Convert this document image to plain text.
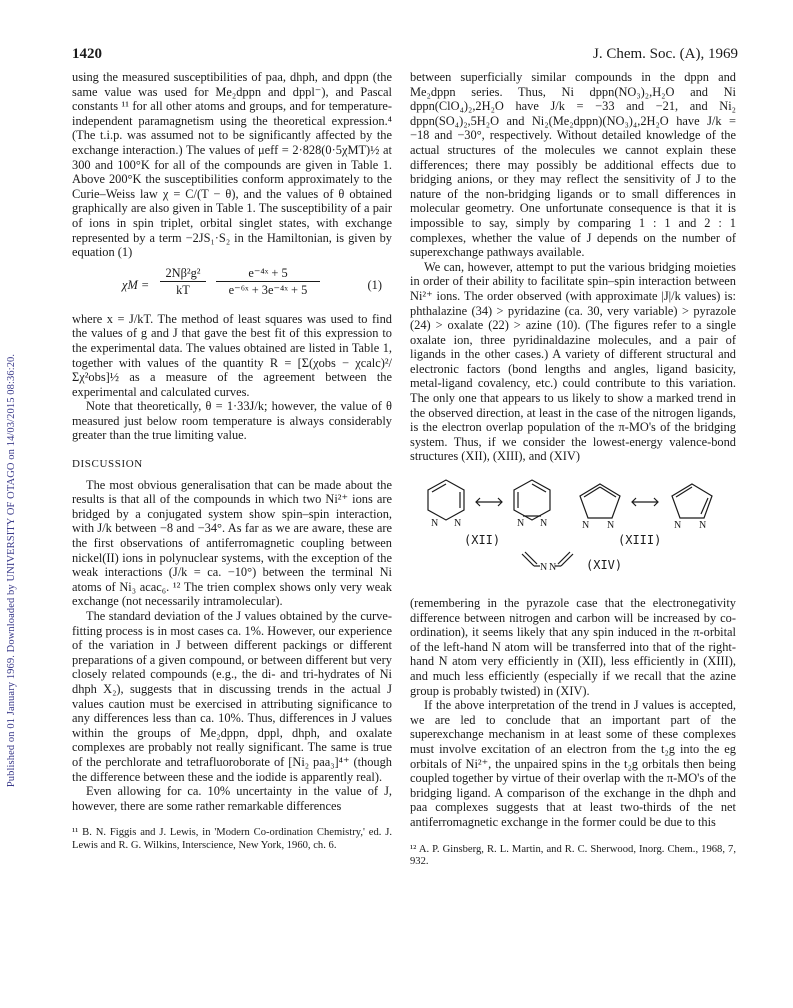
Published on 01 January 1969. Downloaded by UNIVERSITY OF OTAGO on 14/03/2015 08:36:20.
1420	J. Chem. Soc. (A), 1969

using the measured susceptibilities of paa, dhph, and dppn (the same value was used for Me₂dppn and dppl⁻), and Pascal constants ¹¹ for all other atoms and groups, and for temperature-independent paramagnetism using the theoretical expression.⁴ (The t.i.p. was assumed not to be significantly affected by the exchange interaction.) The values of μeff = 2·828(0·5χMT)½ at 300 and 100°K for all of the compounds are given in Table 1. Above 200°K the susceptibilities conform approximately to the Curie–Weiss law χ = C/(T − θ), and the values of θ obtained graphically are also given in Table 1. The susceptibility of a pair of ions in spin triplet, orbital singlet states, with exchange represented by a term −2JS₁·S₂ in the Hamiltonian, is given by equation (1)

$\chi M = \frac{\text{2Nβ²g²}}{kT} \frac{\text{e⁻⁴ˣ + 5}}{\text{e⁻⁶ˣ + 3e⁻⁴ˣ + 5}}$	(1)

where x = J/kT. The method of least squares was used to find the values of g and J that gave the best fit of this expression to the experimental data. The values obtained are listed in Table 1, together with values of the quantity R = [Σ(χobs − χcalc)²/Σχ²obs]½ as a measure of the agreement between the experimental and calculated curves.

Note that theoretically, θ = 1·33J/k; however, the value of θ measured just below room temperature is always considerably greater than the true limiting value.

DISCUSSION

The most obvious generalisation that can be made about the results is that all of the compounds in which two Ni²⁺ ions are bridged by a conjugated system show spin–spin interaction, with J/k between −8 and −34°. As far as we are aware, these are the first observations of antiferromagnetic coupling between nickel(II) ions in polynuclear systems, with the exception of the weak interactions (J/k = ca. −10°) between the terminal Ni atoms of Ni₃ acac₆. ¹² The trien complex shows only very weak exchange (not necessarily intramolecular).

The standard deviation of the J values obtained by the curve-fitting process is in most cases ca. 1%. However, our experience of the variation in J between different packings or different preparations of a given compound, or between different but very closely related compounds (e.g., the di- and tri-hydrates of Ni dhph X₂), suggests that in discussing trends in the actual J values caution must be exercised in attributing significance to any differences less than ca. 10%. Thus, differences in J values within the groups of Me₂dppn, dppl, dhph, and oxalate complexes are probably not really significant. The same is true of the perchlorate and tetrafluoroborate of [Ni₂ paa₃]⁴⁺ (though the difference between these and the iodide is apparently real).

Even allowing for ca. 10% uncertainty in the value of J, however, there are some rather remarkable differences

¹¹ B. N. Figgis and J. Lewis, in 'Modern Co-ordination Chemistry,' ed. J. Lewis and R. G. Wilkins, Interscience, New York, 1960, ch. 6.

between superficially similar compounds in the dppn and Me₂dppn series. Thus, Ni dppn(NO₃)₂,H₂O and Ni dppn(ClO₄)₂,2H₂O have J/k = −33 and −21, and Ni₂ dppn(SO₄)₂,5H₂O and Ni₂(Me₂dppn)(NO₃)₄,2H₂O have J/k = −18 and −30°, respectively. Without detailed knowledge of the actual structures of the molecules we cannot explain these differences; there may possibly be additional effects due to bridging anions, or they may reflect the sensitivity of J to the nature of the non-bridging ligands or to small differences in molecular geometry. One unfortunate consequence is that it is impossible to say, simply by comparing 1 : 1 and 2 : 1 complexes, whether the value of J depends on the number of superexchange pathways available.

We can, however, attempt to put the various bridging moieties in order of their ability to facilitate spin–spin interaction between Ni²⁺ ions. The order observed (with approximate |J|/k values) is: phthalazine (34) > pyridazine (ca. 30, very variable) > pyrazole (24) > oxalate (22) > azine (10). (The figures refer to a single oxalate ion, three pyridinaldazine molecules, and a pair of ligands in the other cases.) A variety of different structural and electronic factors (bond lengths and angles, ligand basicity, metal-ligand covalency, etc.) could contribute to this variation. The only one that appears to us likely to show a marked trend in the observed direction, at least in the case of the nitrogen ligands, is the electron overlap population of the π-MO's of the bridging system. Thus, if we consider the lowest-energy valence-bond structures (XII), (XIII), and (XIV)

N N	N N	N N	N N
N N
(XII)	(XIII)
(XIV)

(remembering in the pyrazole case that the electronegativity difference between nitrogen and carbon will be increased by co-ordination), it seems likely that any spin induced in the π-orbital of the left-hand N atom will be transferred into that of the right-hand N atom very efficiently in (XII), less efficiently in (XIII), and much less efficiently (especially if we recall that the azine group is probably twisted) in (XIV).

If the above interpretation of the trend in J values is accepted, we are led to conclude that an important part of the superexchange mechanism in at least some of these complexes must involve excitation of an electron from the t₂g into the eg orbitals of Ni²⁺, the unpaired spins in the t₂g orbitals then being coupled together by virtue of their overlap with the π-MO's of the bridging ligand. A comparison of the exchange in the dhph and paa complexes suggests that at least two-thirds of the net antiferromagnetic exchange in the former could be due to this

¹² A. P. Ginsberg, R. L. Martin, and R. C. Sherwood, Inorg. Chem., 1968, 7, 932.
